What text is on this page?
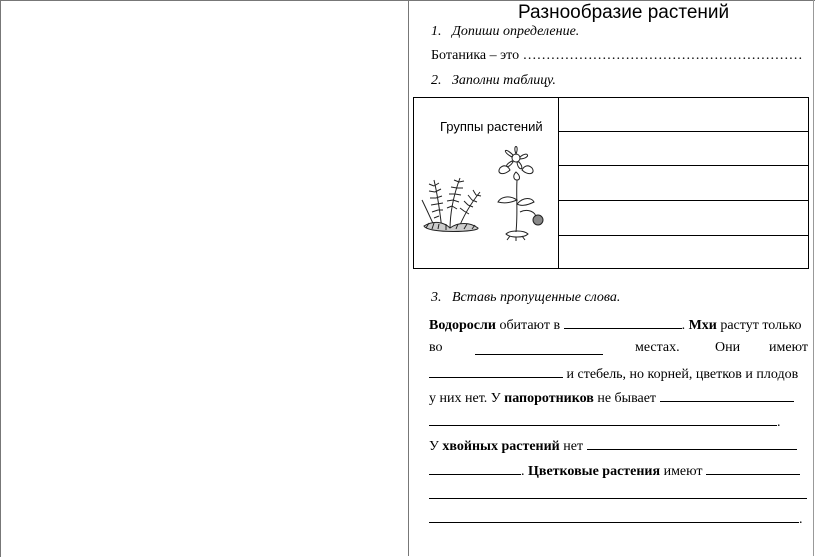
Разнообразие растений
1. Допиши определение.
Ботаника – это ……………………………………………………
2. Заполни таблицу.
Группы растений
3. Вставь пропущенные слова.
Водоросли обитают в	. Мхи растут только
во	местах.	Они имеют
и стебель, но корней, цветков и плодов
у них нет. У папоротников не бывает
.
У хвойных растений нет
. Цветковые растения имеют
.
